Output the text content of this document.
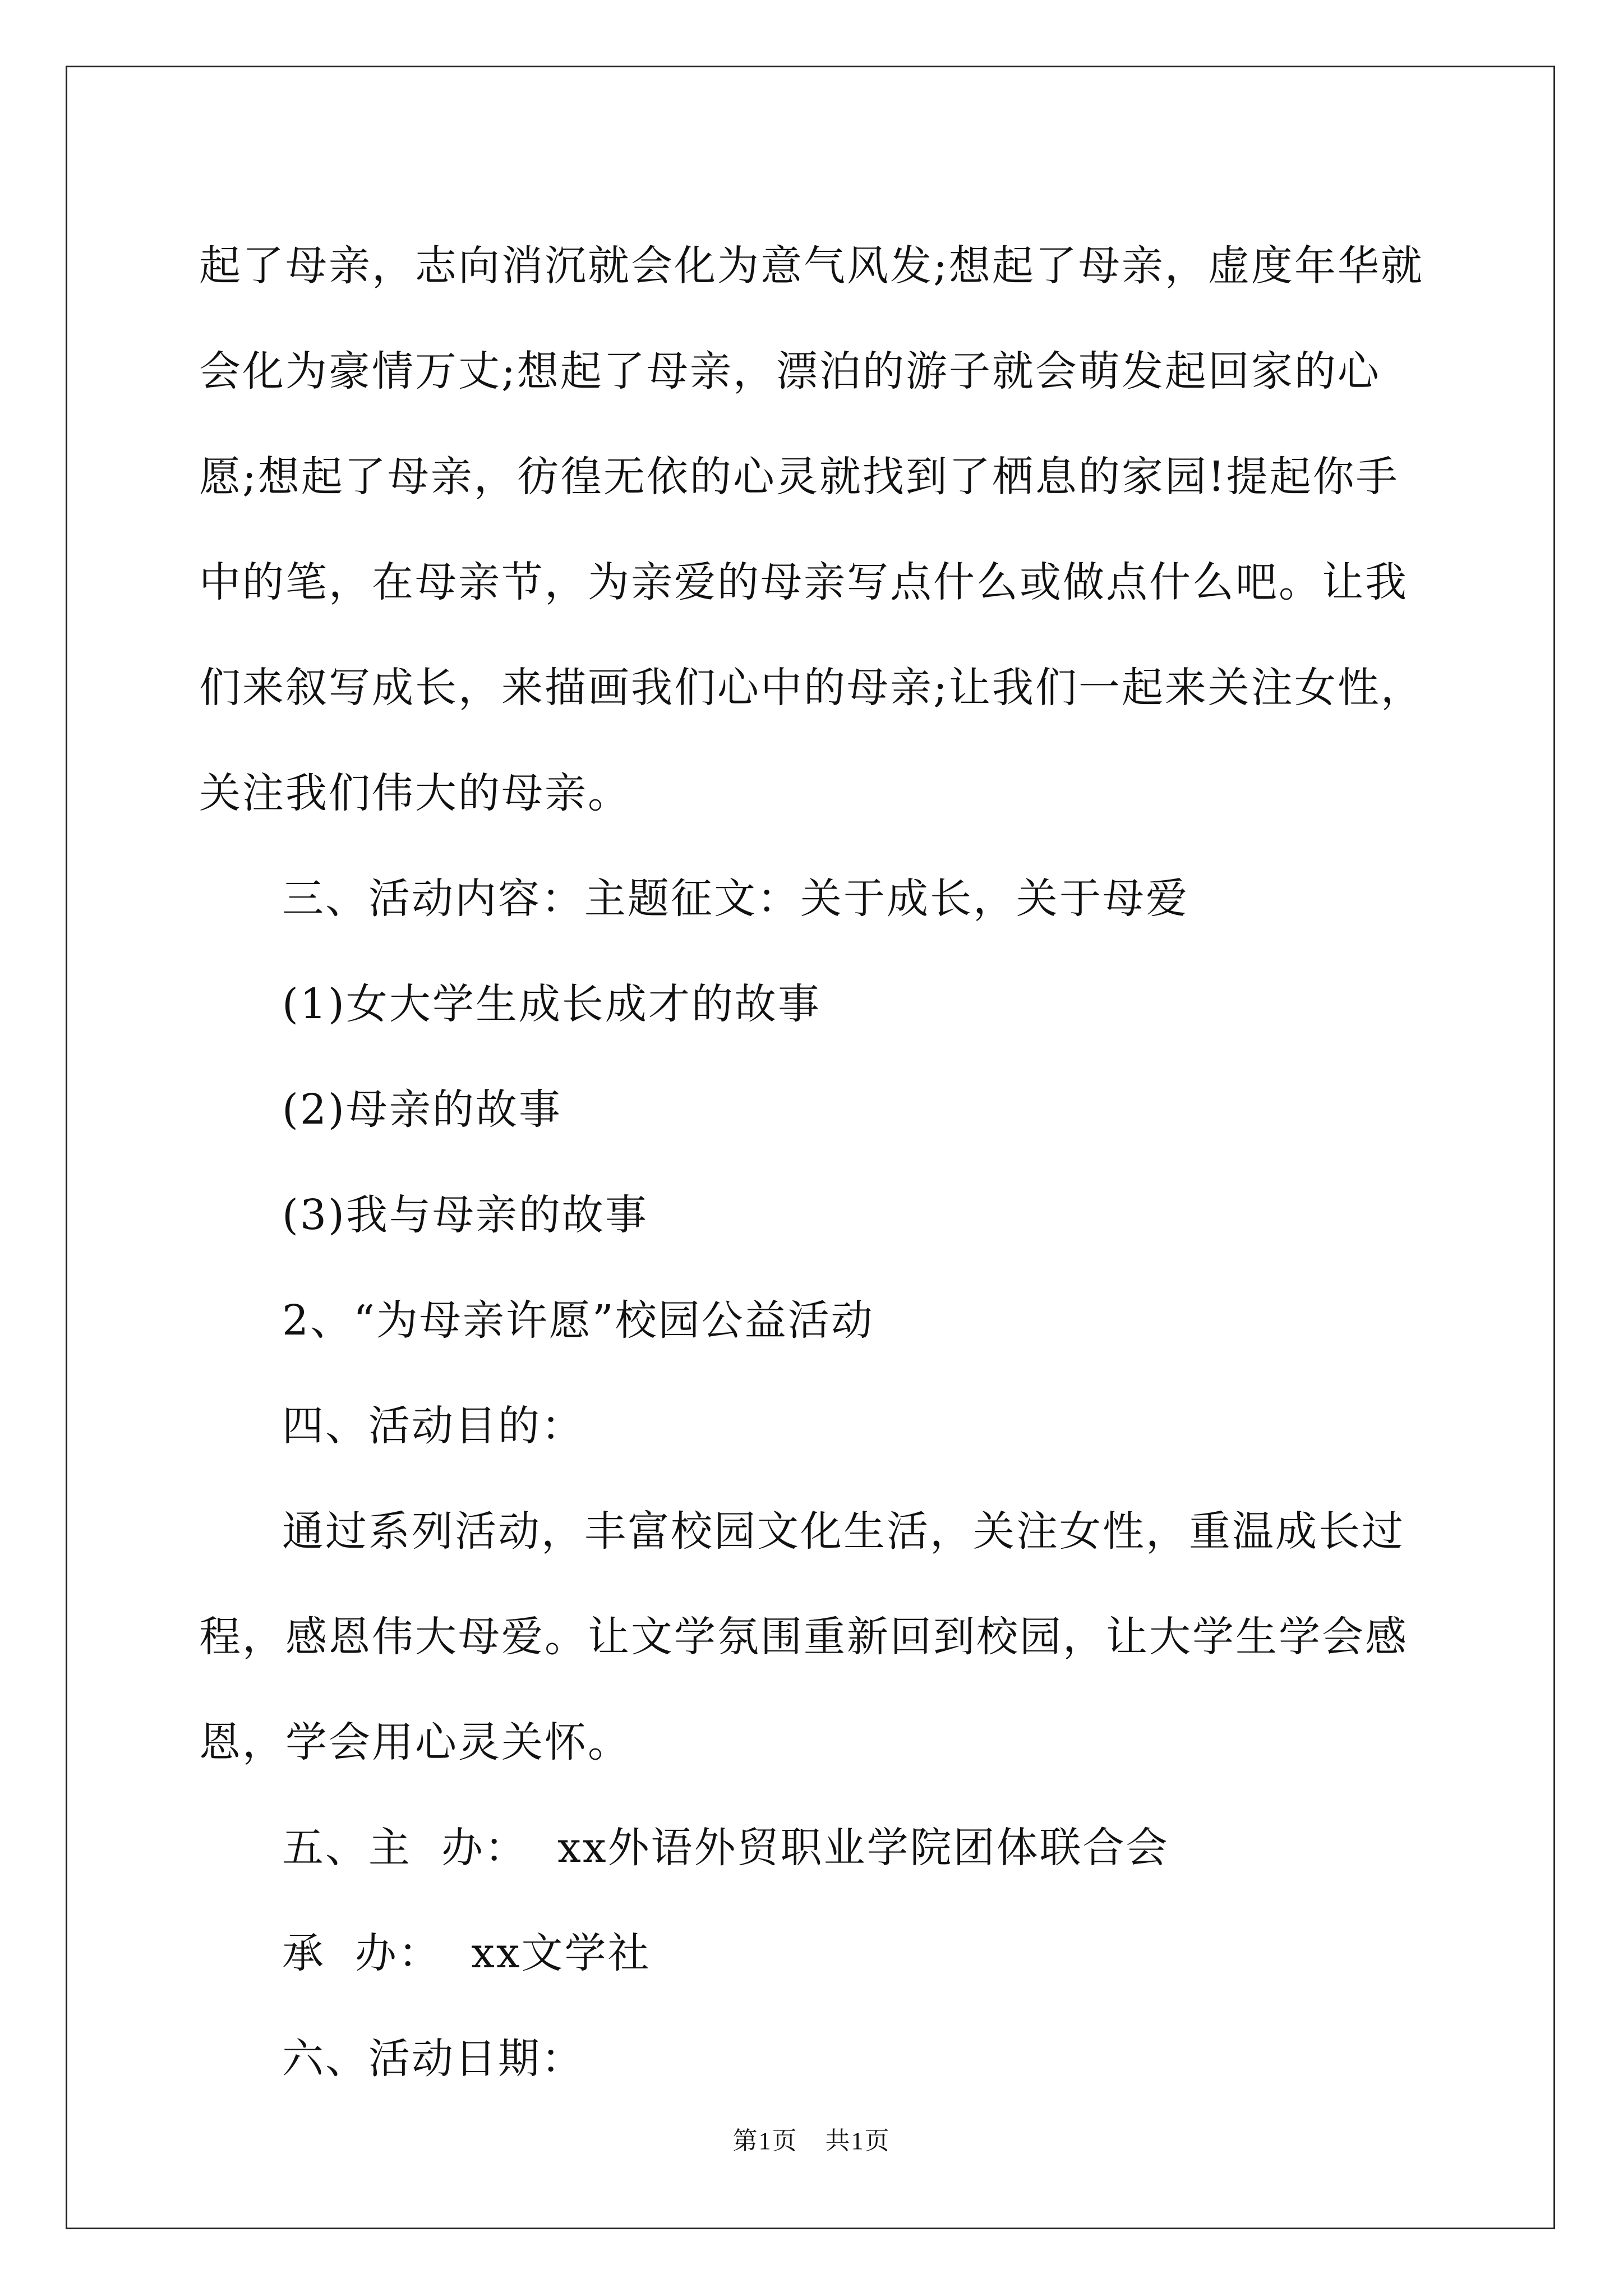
起了母亲，志向消沉就会化为意气风发;想起了母亲，虚度年华就会化为豪情万丈;想起了母亲，漂泊的游子就会萌发起回家的心愿;想起了母亲，彷徨无依的心灵就找到了栖息的家园!提起你手中的笔，在母亲节，为亲爱的母亲写点什么或做点什么吧。让我们来叙写成长，来描画我们心中的母亲;让我们一起来关注女性，关注我们伟大的母亲。

三、活动内容：主题征文：关于成长，关于母爱

(1)女大学生成长成才的故事

(2)母亲的故事

(3)我与母亲的故事

2、“为母亲许愿”校园公益活动

四、活动目的：

通过系列活动，丰富校园文化生活，关注女性，重温成长过程，感恩伟大母爱。让文学氛围重新回到校园，让大学生学会感恩，学会用心灵关怀。

五、主  办：  xx外语外贸职业学院团体联合会

承  办：  xx文学社

六、活动日期：

第1页 共1页
